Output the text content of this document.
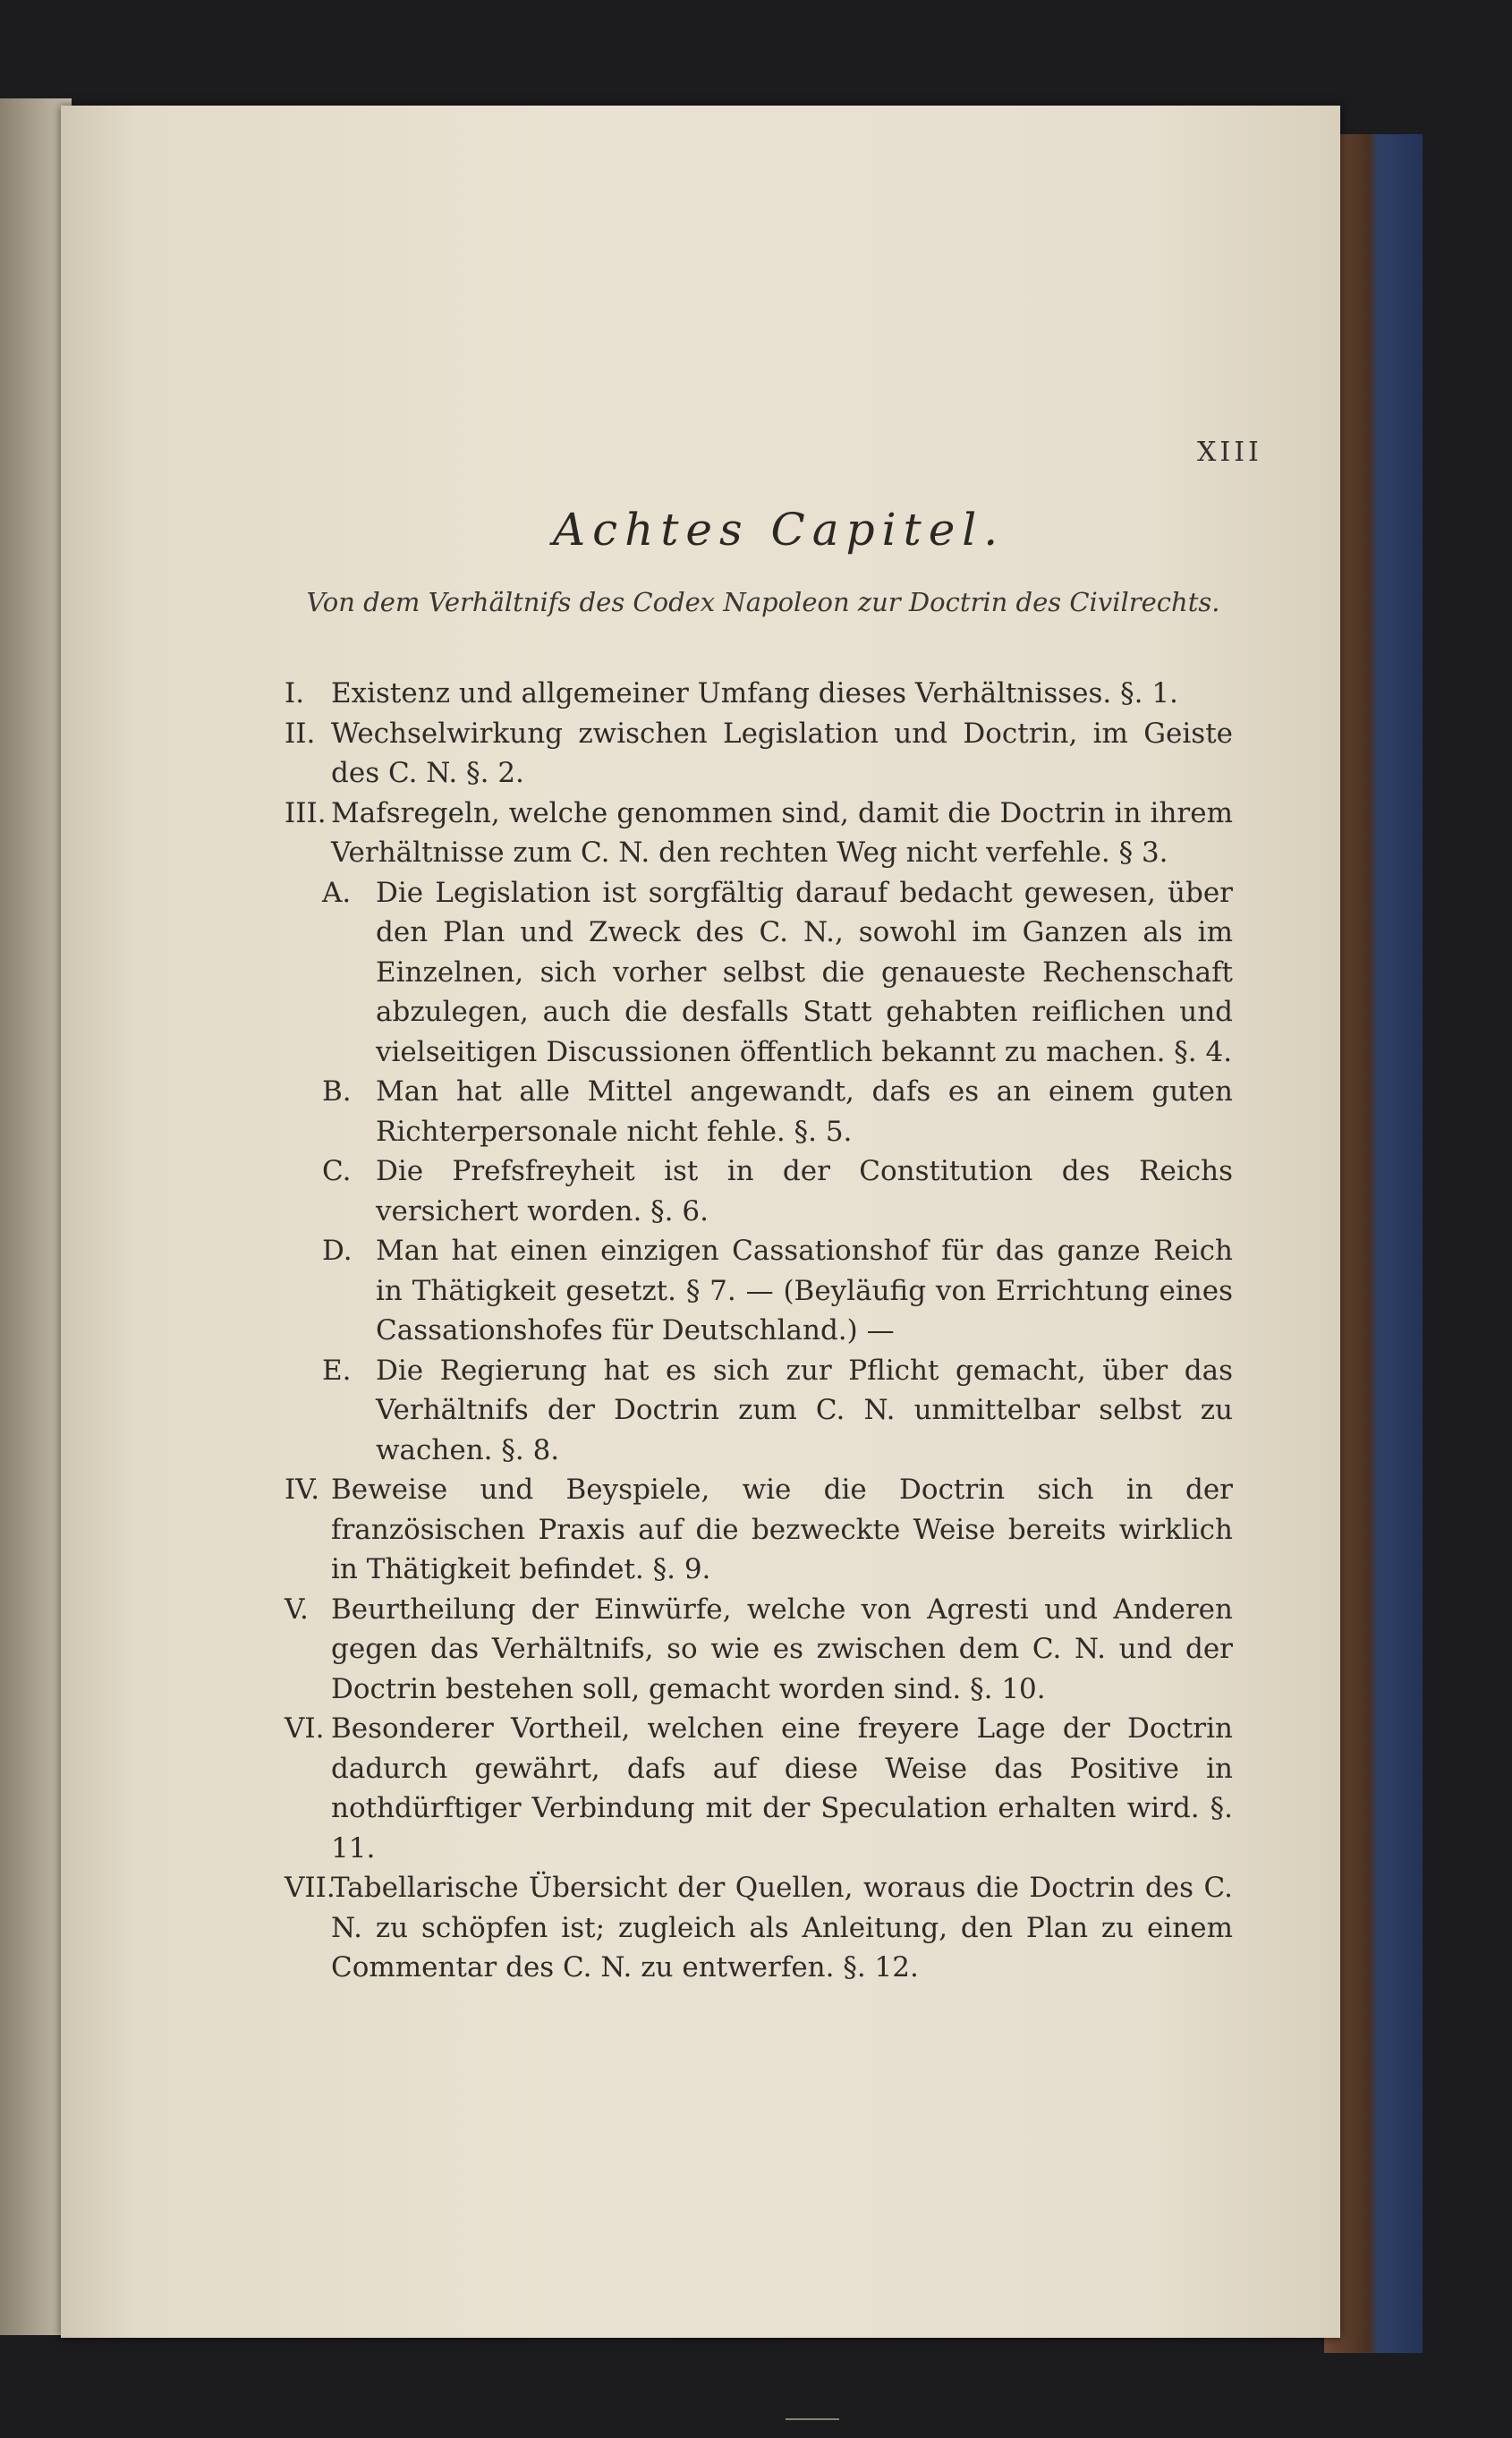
XIII
Achtes Capitel.
Von dem Verhältnifs des Codex Napoleon zur Doctrin des Civilrechts.
I. Existenz und allgemeiner Umfang dieses Verhältnisses. §. 1.
II. Wechselwirkung zwischen Legislation und Doctrin, im Geiste des C. N. §. 2.
III. Mafsregeln, welche genommen sind, damit die Doctrin in ihrem Verhältnisse zum C. N. den rechten Weg nicht verfehle. § 3.
A. Die Legislation ist sorgfältig darauf bedacht gewesen, über den Plan und Zweck des C. N., sowohl im Ganzen als im Einzelnen, sich vorher selbst die genaueste Rechenschaft abzulegen, auch die desfalls Statt gehabten reiflichen und vielseitigen Discussionen öffentlich bekannt zu machen. §. 4.
B. Man hat alle Mittel angewandt, dafs es an einem guten Richterpersonale nicht fehle. §. 5.
C. Die Prefsfreyheit ist in der Constitution des Reichs versichert worden. §. 6.
D. Man hat einen einzigen Cassationshof für das ganze Reich in Thätigkeit gesetzt. § 7. — (Beyläufig von Errichtung eines Cassationshofes für Deutschland.) —
E. Die Regierung hat es sich zur Pflicht gemacht, über das Verhältnifs der Doctrin zum C. N. unmittelbar selbst zu wachen. §. 8.
IV. Beweise und Beyspiele, wie die Doctrin sich in der französischen Praxis auf die bezweckte Weise bereits wirklich in Thätigkeit befindet. §. 9.
V. Beurtheilung der Einwürfe, welche von Agresti und Anderen gegen das Verhältnifs, so wie es zwischen dem C. N. und der Doctrin bestehen soll, gemacht worden sind. §. 10.
VI. Besonderer Vortheil, welchen eine freyere Lage der Doctrin dadurch gewährt, dafs auf diese Weise das Positive in nothdürftiger Verbindung mit der Speculation erhalten wird. §. 11.
VII.
Tabellarische Übersicht der Quellen, woraus die Doctrin des C. N. zu schöpfen ist; zugleich als Anleitung, den Plan zu einem Commentar des C. N. zu entwerfen. §. 12.
